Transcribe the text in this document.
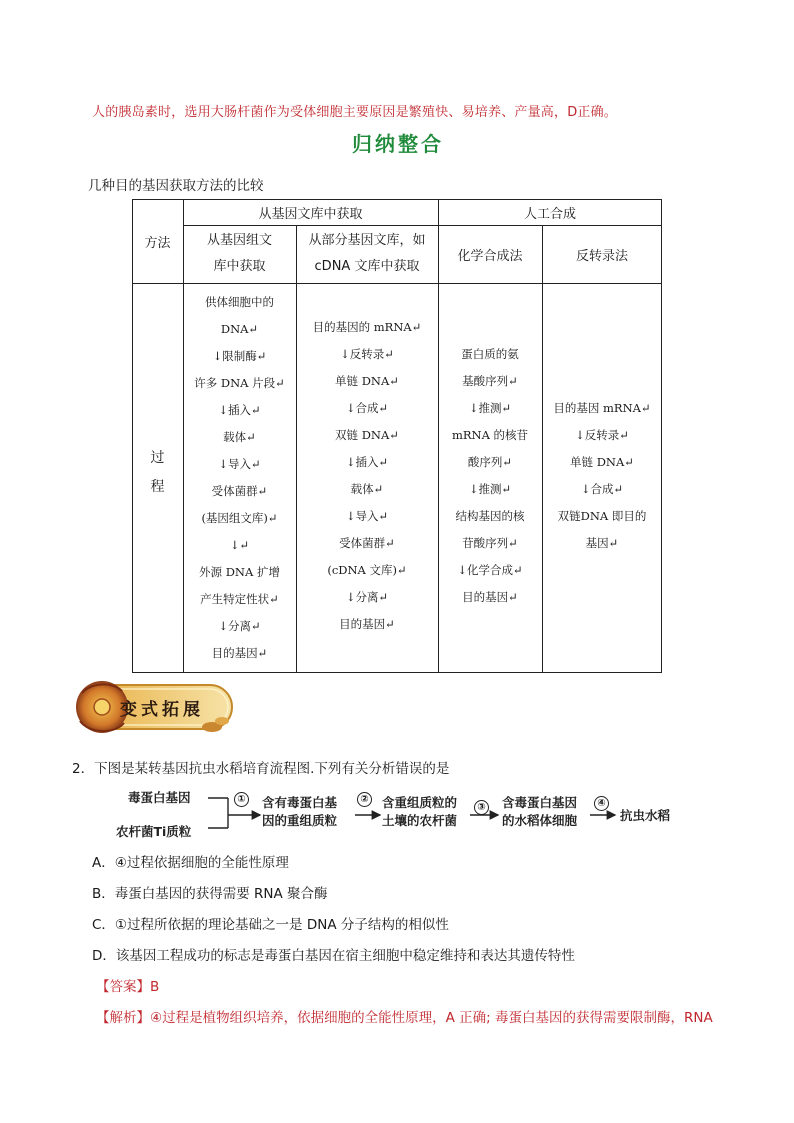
人的胰岛素时，选用大肠杆菌作为受体细胞主要原因是繁殖快、易培养、产量高，D正确。
归纳整合
几种目的基因获取方法的比较
方法
从基因文库中获取	人工合成
从基因组文
库中获取
从部分基因文库，如
cDNA 文库中获取
化学合成法	反转录法
过
程
供体细胞中的
DNA↵
↓限制酶↵
许多 DNA 片段↵
↓插入↵
载体↵
↓导入↵
受体菌群↵
(基因组文库)↵
↓↵
外源 DNA 扩增
产生特定性状↵
↓分离↵
目的基因↵
目的基因的 mRNA↵
↓反转录↵
单链 DNA↵
↓合成↵
双链 DNA↵
↓插入↵
载体↵
↓导入↵
受体菌群↵
(cDNA 文库)↵
↓分离↵
目的基因↵
蛋白质的氨
基酸序列↵
↓推测↵
mRNA 的核苷
酸序列↵
↓推测↵
结构基因的核
苷酸序列↵
↓化学合成↵
目的基因↵
目的基因 mRNA↵
↓反转录↵
单链 DNA↵
↓合成↵
双链DNA 即目的
基因↵
变式拓展
2．下图是某转基因抗虫水稻培育流程图.下列有关分析错误的是
毒蛋白基因
农杆菌Ti质粒
① 含有毒蛋白基
因的重组质粒
② 含重组质粒的
土壤的农杆菌
③ 含毒蛋白基因
的水稻体细胞
④
抗虫水稻
A．④过程依据细胞的全能性原理
B．毒蛋白基因的获得需要 RNA 聚合酶
C．①过程所依据的理论基础之一是 DNA 分子结构的相似性
D．该基因工程成功的标志是毒蛋白基因在宿主细胞中稳定维持和表达其遗传特性
【答案】B
【解析】④过程是植物组织培养，依据细胞的全能性原理，A 正确; 毒蛋白基因的获得需要限制酶，RNA
